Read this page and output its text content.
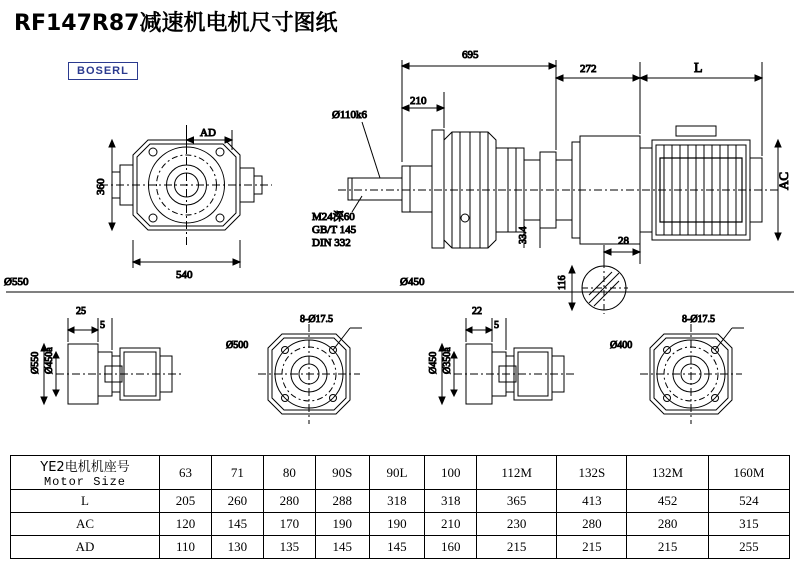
RF147R87减速机电机尺寸图纸
BOSERL
AD
360
540
695
210
272	L
Ø110k6
AC
M24深60
GB/T 145
DIN 332	33.4	28
116
Ø550	Ø450
25
5
Ø550 Ø450a
8-Ø17.5
Ø500
22
5
Ø450 Ø350a
8-Ø17.5
Ø400
YE2电机机座号
Motor Size	63	71	80	90S	90L	100	112M	132S	132M	160M
L	205	260	280	288	318	318	365	413	452	524
AC	120	145	170	190	190	210	230	280	280	315
AD	110	130	135	145	145	160	215	215	215	255
